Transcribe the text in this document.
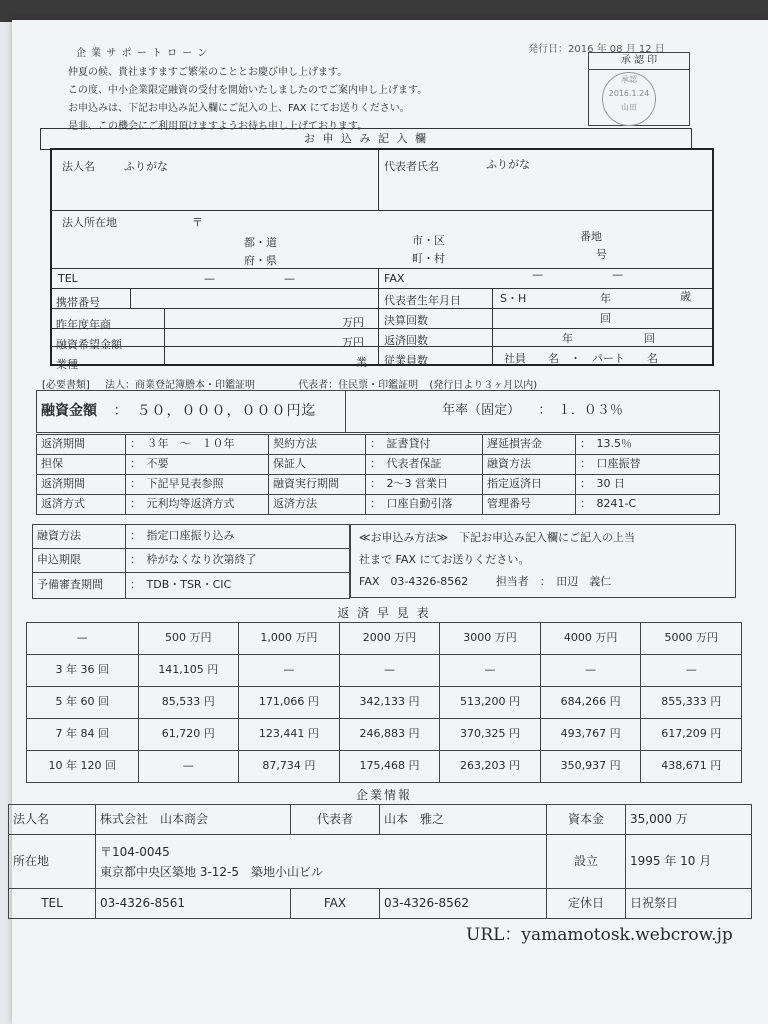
企 業 サ ポ ー ト ロ ー ン	発行日：2016 年 08 月 12 日
仲夏の候、貴社ますますご繁栄のこととお慶び申し上げます。
この度、中小企業限定融資の受付を開始いたしましたのでご案内申し上げます。
お申込みは、下記お申込み記入欄にご記入の上、FAX にてお送りください。
是非、この機会にご利用頂けますようお待ち申し上げております。
承 認 印
承認
2016.1.24
山田
お 申 込 み 記 入 欄
法人名	ふりがな	代表者氏名	ふりがな
法人所在地	〒
都・道
府・県
市・区
町・村
番地
号
TEL	—	—	FAX	—	—
携帯番号	代表者生年月日	S・H	年	歳
昨年度年商	万円 決算回数	回
融資希望金額	万円 返済回数	年	回
業種	業 従業員数	社員　　名　・　パート　　名
[必要書類] 法人：商業登記簿謄本・印鑑証明	代表者：住民票・印鑑証明 (発行日より３ヶ月以内)
融資金額 ：　５０，０００，０００円迄	年率（固定） ：　１．０３％
返済期間	：　３年　〜　１０年	契約方法	：　証書貸付	遅延損害金	：　13.5％
担保	：　不要	保証人	：　代表者保証	融資方法	：　口座振替
返済期間	：　下記早見表参照	融資実行期間	：　2〜3 営業日	指定返済日	：　30 日
返済方式	：　元利均等返済方式	返済方法	：　口座自動引落	管理番号	：　8241-C
融資方法	：　指定口座振り込み
申込期限	：　枠がなくなり次第終了
予備審査期間	：　TDB・TSR・CIC
≪お申込み方法≫　下記お申込み記入欄にご記入の上当
社まで FAX にてお送りください。
FAX　03-4326-8562	担当者　：　田辺　義仁
返 済 早 見 表
—	500 万円	1,000 万円	2000 万円	3000 万円	4000 万円	5000 万円
3 年 36 回	141,105 円	—	—	—	—	—
5 年 60 回	85,533 円	171,066 円	342,133 円	513,200 円	684,266 円	855,333 円
7 年 84 回	61,720 円	123,441 円	246,883 円	370,325 円	493,767 円	617,209 円
10 年 120 回	—	87,734 円	175,468 円	263,203 円	350,937 円	438,671 円
企業情報
法人名	株式会社　山本商会	代表者	山本　雅之	資本金	35,000 万
所在地	〒104-0045
東京都中央区築地 3-12-5　築地小山ビル			設立	1995 年 10 月
TEL	03-4326-8561	FAX	03-4326-8562	定休日	日祝祭日
URL：yamamotosk.webcrow.jp
